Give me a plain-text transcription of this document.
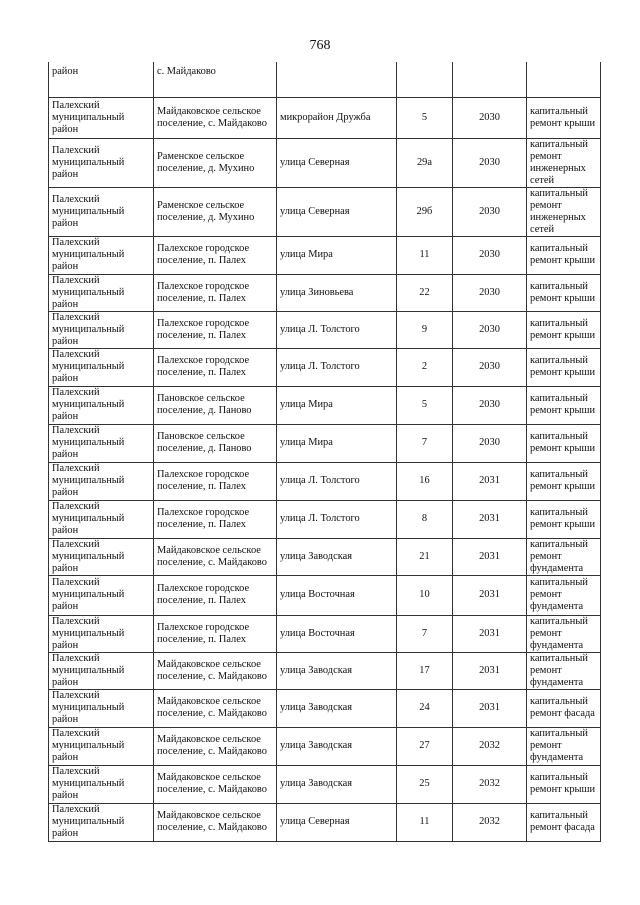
768
район	с. Майдаково				
Палехский муниципальный район	Майдаковское сельское поселение, с. Майдаково	микрорайон Дружба	5	2030	капитальный ремонт крыши
Палехский муниципальный район	Раменское сельское поселение, д. Мухино	улица Северная	29а	2030	капитальный ремонт инженерных сетей
Палехский муниципальный район	Раменское сельское поселение, д. Мухино	улица Северная	29б	2030	капитальный ремонт инженерных сетей
Палехский муниципальный район	Палехское городское поселение, п. Палех	улица Мира	11	2030	капитальный ремонт крыши
Палехский муниципальный район	Палехское городское поселение, п. Палех	улица Зиновьева	22	2030	капитальный ремонт крыши
Палехский муниципальный район	Палехское городское поселение, п. Палех	улица Л. Толстого	9	2030	капитальный ремонт крыши
Палехский муниципальный район	Палехское городское поселение, п. Палех	улица Л. Толстого	2	2030	капитальный ремонт крыши
Палехский муниципальный район	Пановское сельское поселение, д. Паново	улица Мира	5	2030	капитальный ремонт крыши
Палехский муниципальный район	Пановское сельское поселение, д. Паново	улица Мира	7	2030	капитальный ремонт крыши
Палехский муниципальный район	Палехское городское поселение, п. Палех	улица Л. Толстого	16	2031	капитальный ремонт крыши
Палехский муниципальный район	Палехское городское поселение, п. Палех	улица Л. Толстого	8	2031	капитальный ремонт крыши
Палехский муниципальный район	Майдаковское сельское поселение, с. Майдаково	улица Заводская	21	2031	капитальный ремонт фундамента
Палехский муниципальный район	Палехское городское поселение, п. Палех	улица Восточная	10	2031	капитальный ремонт фундамента
Палехский муниципальный район	Палехское городское поселение, п. Палех	улица Восточная	7	2031	капитальный ремонт фундамента
Палехский муниципальный район	Майдаковское сельское поселение, с. Майдаково	улица Заводская	17	2031	капитальный ремонт фундамента
Палехский муниципальный район	Майдаковское сельское поселение, с. Майдаково	улица Заводская	24	2031	капитальный ремонт фасада
Палехский муниципальный район	Майдаковское сельское поселение, с. Майдаково	улица Заводская	27	2032	капитальный ремонт фундамента
Палехский муниципальный район	Майдаковское сельское поселение, с. Майдаково	улица Заводская	25	2032	капитальный ремонт крыши
Палехский муниципальный район	Майдаковское сельское поселение, с. Майдаково	улица Северная	11	2032	капитальный ремонт фасада
